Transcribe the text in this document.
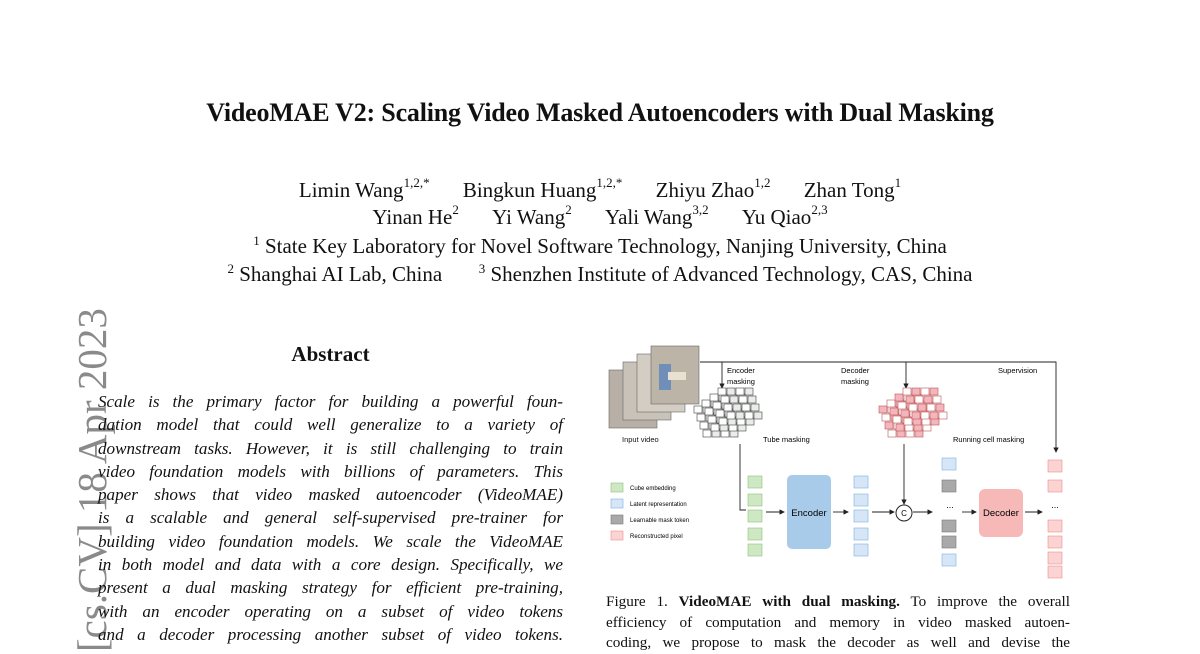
VideoMAE V2: Scaling Video Masked Autoencoders with Dual Masking
Limin Wang$^{1,2,*}$ Bingkun Huang$^{1,2,*}$ Zhiyu Zhao$^{1,2}$ Zhan Tong$^1$
Yinan He$^2$ Yi Wang$^2$ Yali Wang$^{3,2}$ Yu Qiao$^{2,3}$
$^1$ State Key Laboratory for Novel Software Technology, Nanjing University, China
$^2$ Shanghai AI Lab, China	$^3$ Shenzhen Institute of Advanced Technology, CAS, China
[cs.CV] 18 Apr 2023	Abstract

Scale is the primary factor for building a powerful foun-
dation model that could well generalize to a variety of
downstream tasks. However, it is still challenging to train
video foundation models with billions of parameters. This
paper shows that video masked autoencoder (VideoMAE)
is a scalable and general self-supervised pre-trainer for
building video foundation models. We scale the VideoMAE
in both model and data with a core design. Specifically, we
present a dual masking strategy for efficient pre-training,
with an encoder operating on a subset of video tokens
and a decoder processing another subset of video tokens.

Input video
Encoder
masking
Decoder
masking
Supervision
Tube masking	Running cell masking
Cube embedding
Latent representation
Learnable mask token
Reconstructed pixel
Encoder	C
...
Decoder
...

Figure 1. VideoMAE with dual masking. To improve the overall
efficiency of computation and memory in video masked autoen-
coding, we propose to mask the decoder as well and devise the
